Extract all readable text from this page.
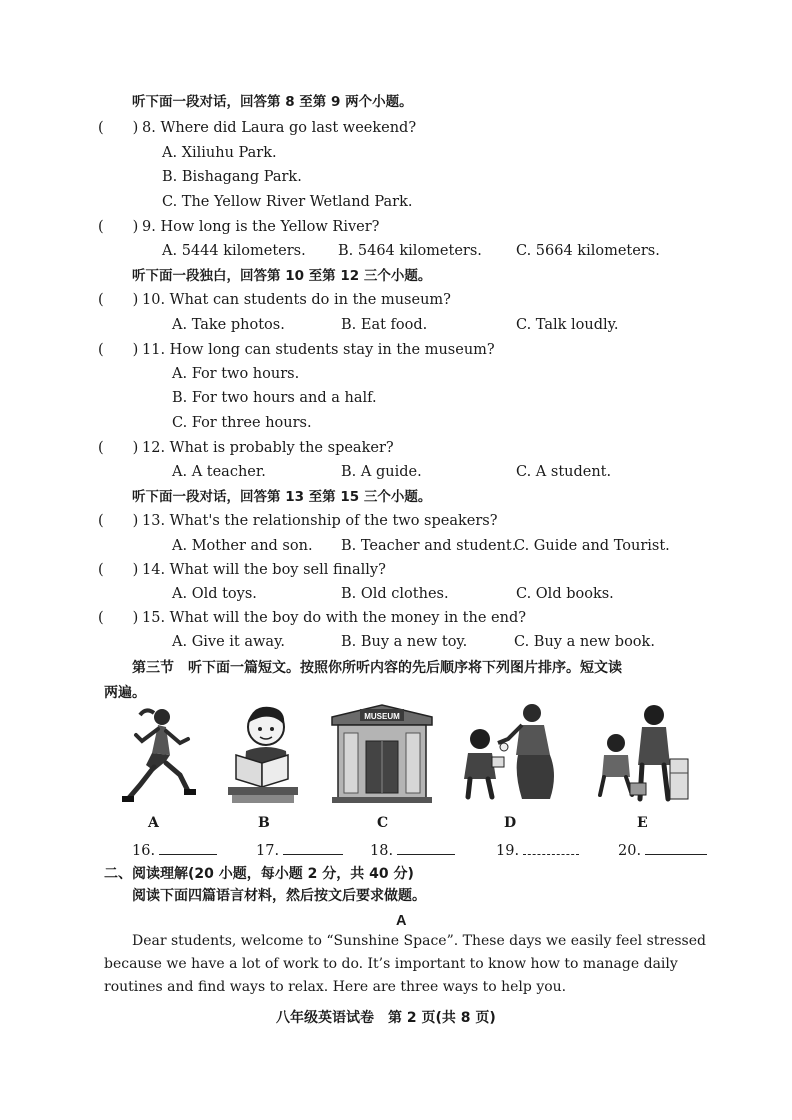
听下面一段对话，回答第 8 至第 9 两个小题。
(　　) 8. Where did Laura go last weekend?
A. Xiliuhu Park.
B. Bishagang Park.
C. The Yellow River Wetland Park.
(　　) 9. How long is the Yellow River?
A. 5444 kilometers. B. 5464 kilometers. C. 5664 kilometers.
听下面一段独白，回答第 10 至第 12 三个小题。
(　　) 10. What can students do in the museum?
A. Take photos.	B. Eat food.	C. Talk loudly.
(　　) 11. How long can students stay in the museum?
A. For two hours.
B. For two hours and a half.
C. For three hours.
(　　) 12. What is probably the speaker?
A. A teacher.	B. A guide.	C. A student.
听下面一段对话，回答第 13 至第 15 三个小题。
(　　) 13. What's the relationship of the two speakers?
A. Mother and son. B. Teacher and student.
C. Guide and Tourist.
(　　) 14. What will the boy sell finally?
A. Old toys.	B. Old clothes.	C. Old books.
(　　) 15. What will the boy do with the money in the end?
A. Give it away.	B. Buy a new toy.	C. Buy a new book.
第三节　听下面一篇短文。按照你所听内容的先后顺序将下列图片排序。短文读
两遍。
MUSEUM
A	B	C	D	E
16.	17.	18.	19.	20.
二、阅读理解(20 小题，每小题 2 分，共 40 分)
阅读下面四篇语言材料，然后按文后要求做题。
A
Dear students, welcome to “Sunshine Space”. These days we easily feel stressed
because we have a lot of work to do. It’s important to know how to manage daily
routines and find ways to relax. Here are three ways to help you.
八年级英语试卷　第 2 页(共 8 页)
